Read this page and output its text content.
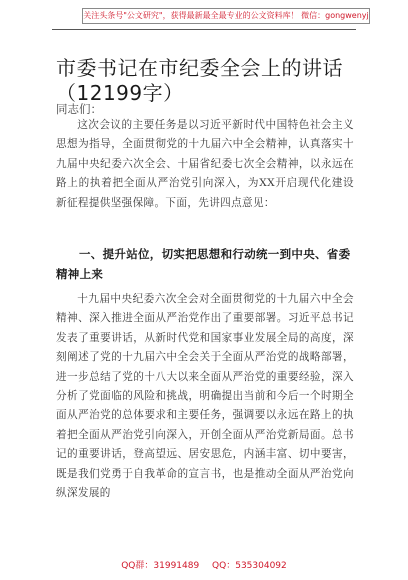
关注头条号"公文研究"，获得最新最全最专业的公文资料库！ 微信：gongwenyj
市委书记在市纪委全会上的讲话（12199字）
同志们：

这次会议的主要任务是以习近平新时代中国特色社会主义思想为指导，全面贯彻党的十九届六中全会精神，认真落实十九届中央纪委六次全会、十届省纪委七次全会精神，以永远在路上的执着把全面从严治党引向深入，为XX开启现代化建设新征程提供坚强保障。下面，先讲四点意见：

一、提升站位，切实把思想和行动统一到中央、省委精神上来

十九届中央纪委六次全会对全面贯彻党的十九届六中全会精神、深入推进全面从严治党作出了重要部署。习近平总书记发表了重要讲话，从新时代党和国家事业发展全局的高度，深刻阐述了党的十九届六中全会关于全面从严治党的战略部署，进一步总结了党的十八大以来全面从严治党的重要经验，深入分析了党面临的风险和挑战，明确提出当前和今后一个时期全面从严治党的总体要求和主要任务，强调要以永远在路上的执着把全面从严治党引向深入，开创全面从严治党新局面。总书记的重要讲话，登高望远、居安思危，内涵丰富、切中要害，既是我们党勇于自我革命的宣言书，也是推动全面从严治党向纵深发展的

QQ群：31991489 QQ：535304092
